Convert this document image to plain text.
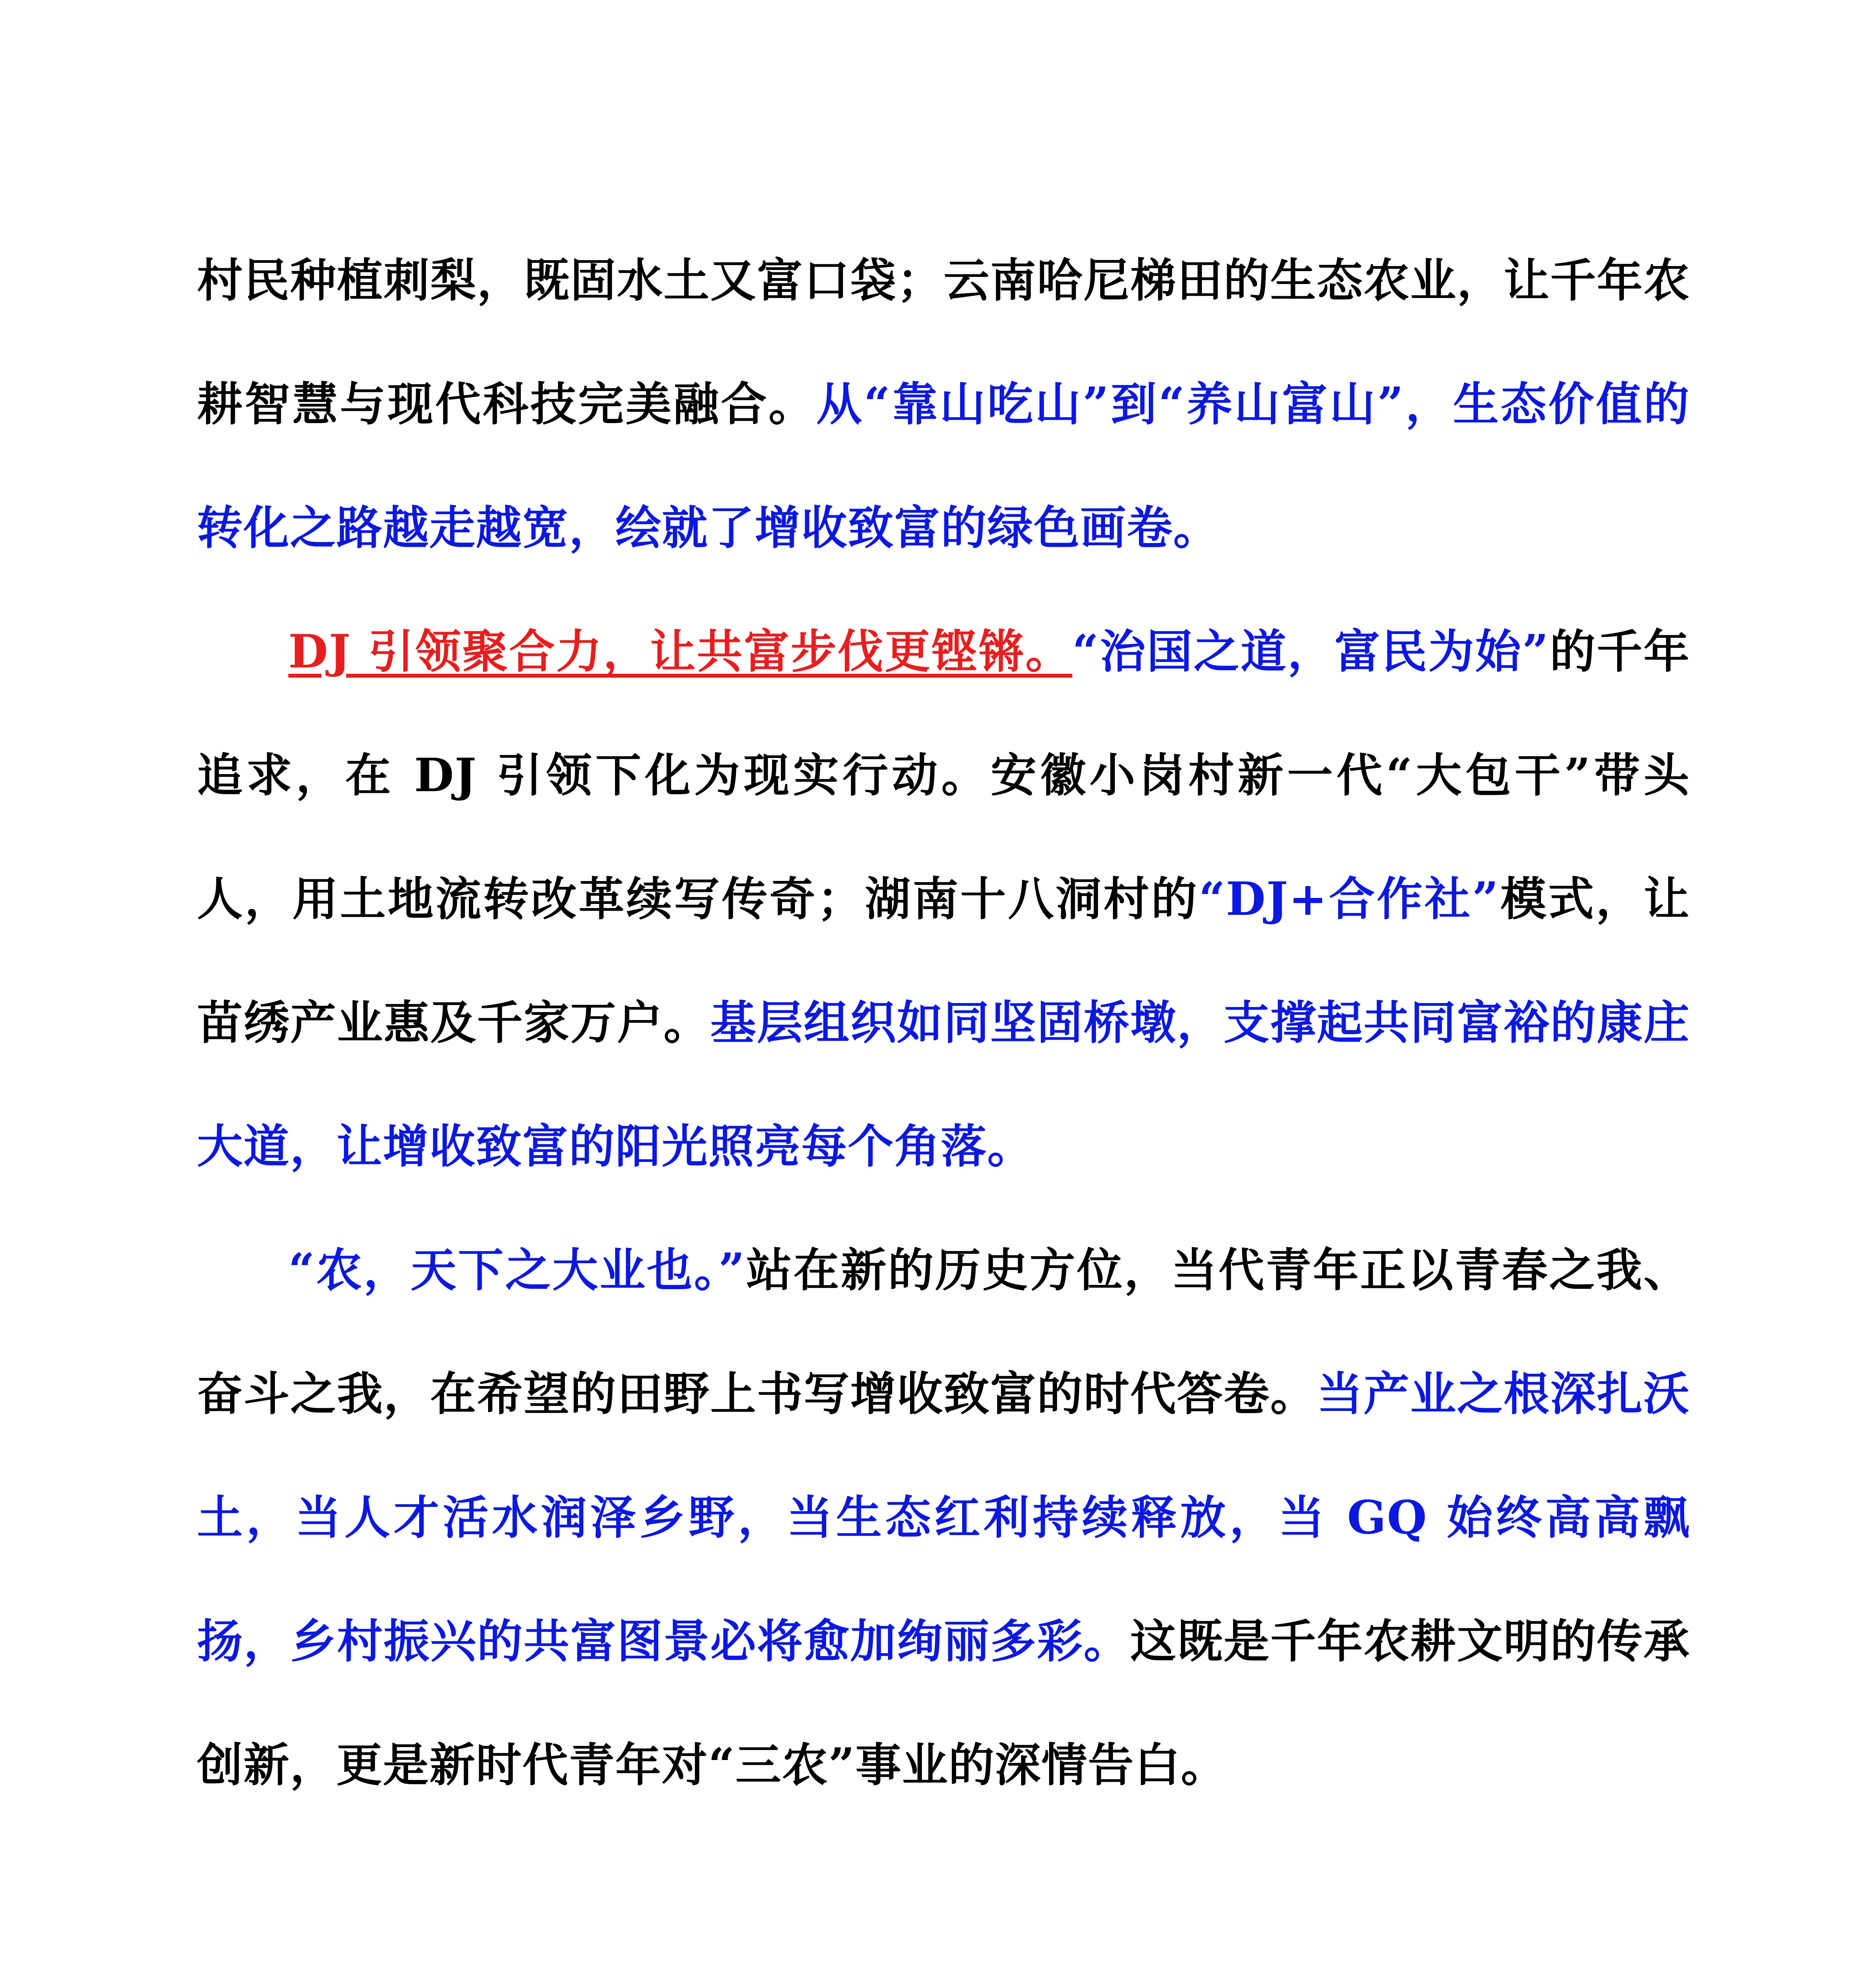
村民种植刺梨，既固水土又富口袋；云南哈尼梯田的生态农业，让千年农耕智慧与现代科技完美融合。从“靠山吃山”到“养山富山”，生态价值的转化之路越走越宽，绘就了增收致富的绿色画卷。

DJ 引领聚合力，让共富步伐更铿锵。“治国之道，富民为始”的千年追求，在 DJ 引领下化为现实行动。安徽小岗村新一代“大包干”带头人，用土地流转改革续写传奇；湖南十八洞村的“DJ+合作社”模式，让苗绣产业惠及千家万户。基层组织如同坚固桥墩，支撑起共同富裕的康庄大道，让增收致富的阳光照亮每个角落。

“农，天下之大业也。”站在新的历史方位，当代青年正以青春之我、奋斗之我，在希望的田野上书写增收致富的时代答卷。当产业之根深扎沃土，当人才活水润泽乡野，当生态红利持续释放，当 GQ 始终高高飘扬，乡村振兴的共富图景必将愈加绚丽多彩。这既是千年农耕文明的传承创新，更是新时代青年对“三农”事业的深情告白。
